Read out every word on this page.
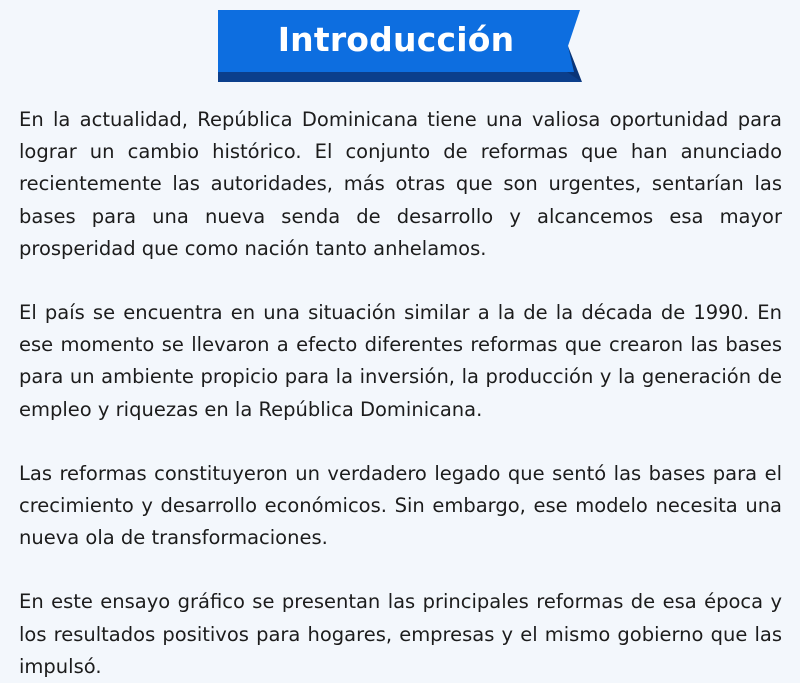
Introducción

En la actualidad, República Dominicana tiene una valiosa oportunidad para lograr un cambio histórico. El conjunto de reformas que han anunciado recientemente las autoridades, más otras que son urgentes, sentarían las bases para una nueva senda de desarrollo y alcancemos esa mayor prosperidad que como nación tanto anhelamos.

El país se encuentra en una situación similar a la de la década de 1990. En ese momento se llevaron a efecto diferentes reformas que crearon las bases para un ambiente propicio para la inversión, la producción y la generación de empleo y riquezas en la República Dominicana.

Las reformas constituyeron un verdadero legado que sentó las bases para el crecimiento y desarrollo económicos. Sin embargo, ese modelo necesita una nueva ola de transformaciones.

En este ensayo gráfico se presentan las principales reformas de esa época y los resultados positivos para hogares, empresas y el mismo gobierno que las impulsó.
